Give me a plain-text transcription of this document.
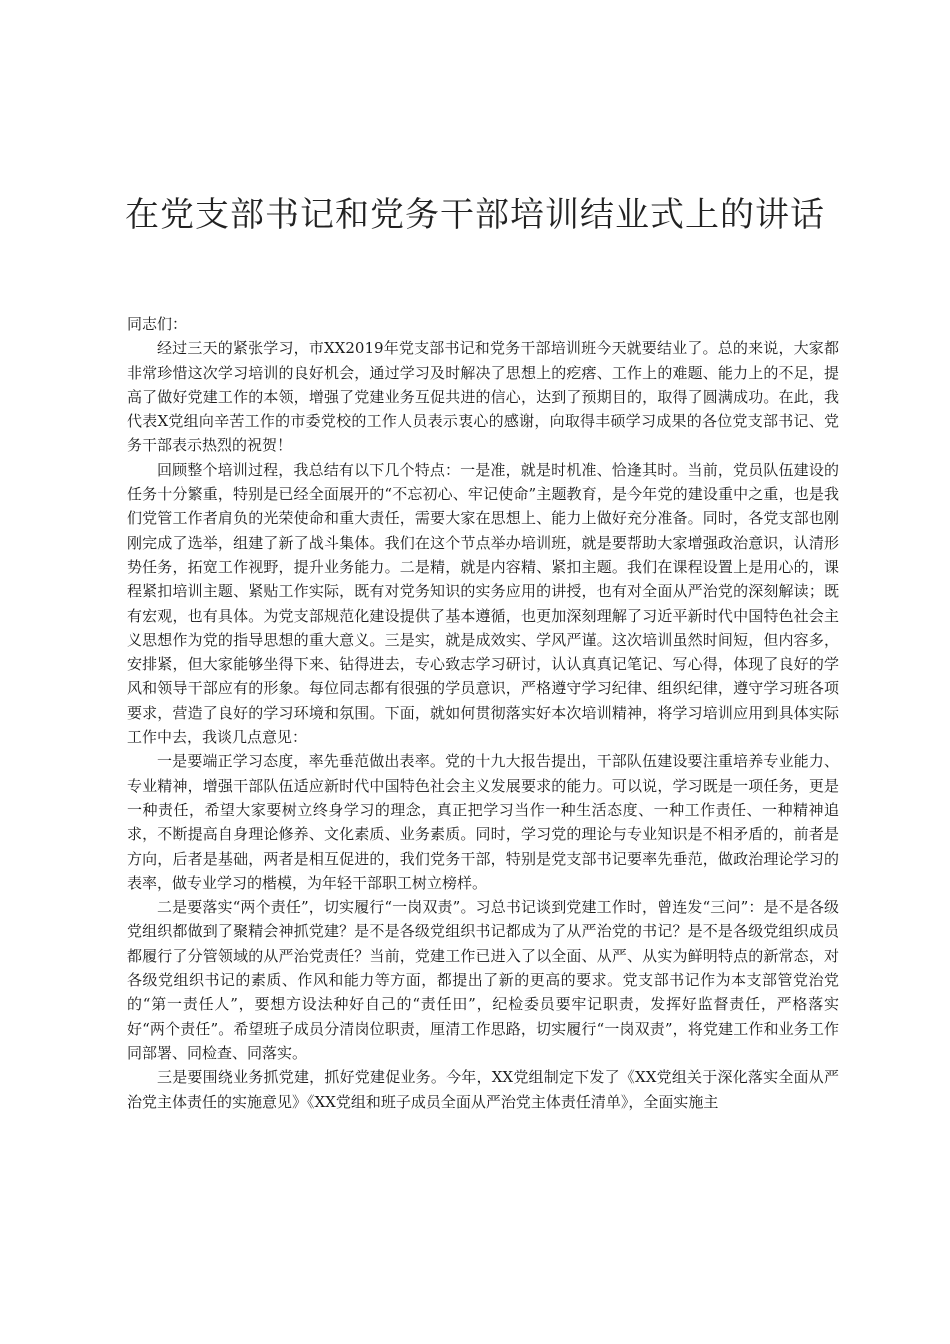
在党支部书记和党务干部培训结业式上的讲话

同志们：

经过三天的紧张学习，市XX2019年党支部书记和党务干部培训班今天就要结业了。总的来说，大家都非常珍惜这次学习培训的良好机会，通过学习及时解决了思想上的疙瘩、工作上的难题、能力上的不足，提高了做好党建工作的本领，增强了党建业务互促共进的信心，达到了预期目的，取得了圆满成功。在此，我代表X党组向辛苦工作的市委党校的工作人员表示衷心的感谢，向取得丰硕学习成果的各位党支部书记、党务干部表示热烈的祝贺！

回顾整个培训过程，我总结有以下几个特点：一是准，就是时机准、恰逢其时。当前，党员队伍建设的任务十分繁重，特别是已经全面展开的“不忘初心、牢记使命”主题教育，是今年党的建设重中之重，也是我们党管工作者肩负的光荣使命和重大责任，需要大家在思想上、能力上做好充分准备。同时，各党支部也刚刚完成了选举，组建了新了战斗集体。我们在这个节点举办培训班，就是要帮助大家增强政治意识，认清形势任务，拓宽工作视野，提升业务能力。二是精，就是内容精、紧扣主题。我们在课程设置上是用心的，课程紧扣培训主题、紧贴工作实际，既有对党务知识的实务应用的讲授，也有对全面从严治党的深刻解读；既有宏观，也有具体。为党支部规范化建设提供了基本遵循，也更加深刻理解了习近平新时代中国特色社会主义思想作为党的指导思想的重大意义。三是实，就是成效实、学风严谨。这次培训虽然时间短，但内容多，安排紧，但大家能够坐得下来、钻得进去，专心致志学习研讨，认认真真记笔记、写心得，体现了良好的学风和领导干部应有的形象。每位同志都有很强的学员意识，严格遵守学习纪律、组织纪律，遵守学习班各项要求，营造了良好的学习环境和氛围。下面，就如何贯彻落实好本次培训精神，将学习培训应用到具体实际工作中去，我谈几点意见：

一是要端正学习态度，率先垂范做出表率。党的十九大报告提出，干部队伍建设要注重培养专业能力、专业精神，增强干部队伍适应新时代中国特色社会主义发展要求的能力。可以说，学习既是一项任务，更是一种责任，希望大家要树立终身学习的理念，真正把学习当作一种生活态度、一种工作责任、一种精神追求，不断提高自身理论修养、文化素质、业务素质。同时，学习党的理论与专业知识是不相矛盾的，前者是方向，后者是基础，两者是相互促进的，我们党务干部，特别是党支部书记要率先垂范，做政治理论学习的表率，做专业学习的楷模，为年轻干部职工树立榜样。

二是要落实“两个责任”，切实履行“一岗双责”。习总书记谈到党建工作时，曾连发“三问”：是不是各级党组织都做到了聚精会神抓党建？是不是各级党组织书记都成为了从严治党的书记？是不是各级党组织成员都履行了分管领域的从严治党责任？当前，党建工作已进入了以全面、从严、从实为鲜明特点的新常态，对各级党组织书记的素质、作风和能力等方面，都提出了新的更高的要求。党支部书记作为本支部管党治党的“第一责任人”，要想方设法种好自己的“责任田”，纪检委员要牢记职责，发挥好监督责任，严格落实好“两个责任”。希望班子成员分清岗位职责，厘清工作思路，切实履行“一岗双责”，将党建工作和业务工作同部署、同检查、同落实。

三是要围绕业务抓党建，抓好党建促业务。今年，XX党组制定下发了《XX党组关于深化落实全面从严治党主体责任的实施意见》《XX党组和班子成员全面从严治党主体责任清单》，全面实施主
